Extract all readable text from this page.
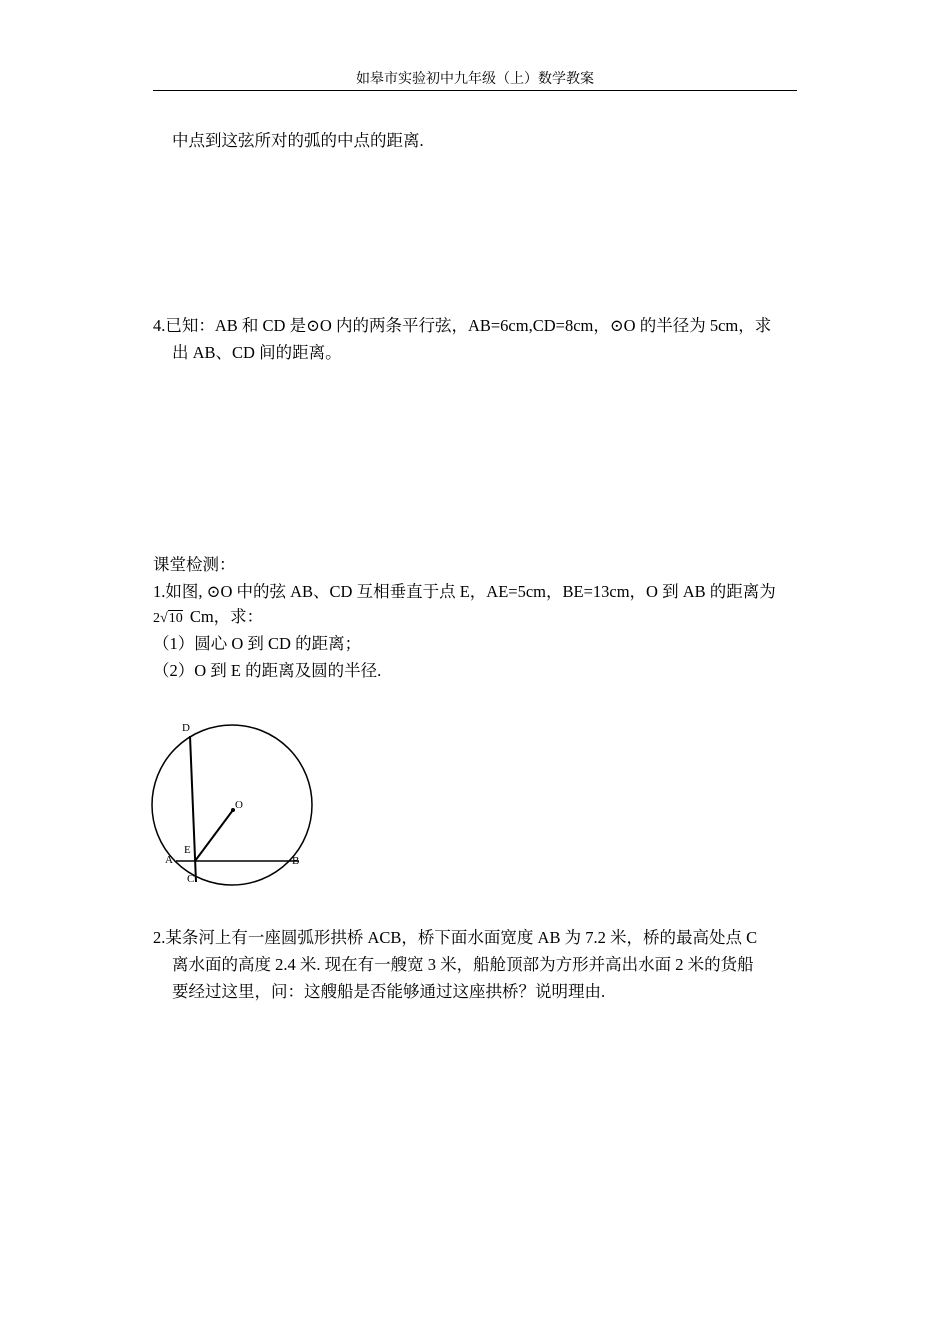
如皋市实验初中九年级（上）数学教案
中点到这弦所对的弧的中点的距离.
4.已知：AB 和 CD 是⊙O 内的两条平行弦，AB=6cm,CD=8cm，⊙O 的半径为 5cm，求
出 AB、CD 间的距离。
课堂检测：
1.如图, ⊙O 中的弦 AB、CD 互相垂直于点 E，AE=5cm，BE=13cm，O 到 AB 的距离为
2√10 Cm，求：
（1）圆心 O 到 CD 的距离；
（2）O 到 E 的距离及圆的半径.
D
O
E
A	B
C
2.某条河上有一座圆弧形拱桥 ACB，桥下面水面宽度 AB 为 7.2 米，桥的最高处点 C
离水面的高度 2.4 米. 现在有一艘宽 3 米，船舱顶部为方形并高出水面 2 米的货船
要经过这里，问：这艘船是否能够通过这座拱桥？说明理由.
